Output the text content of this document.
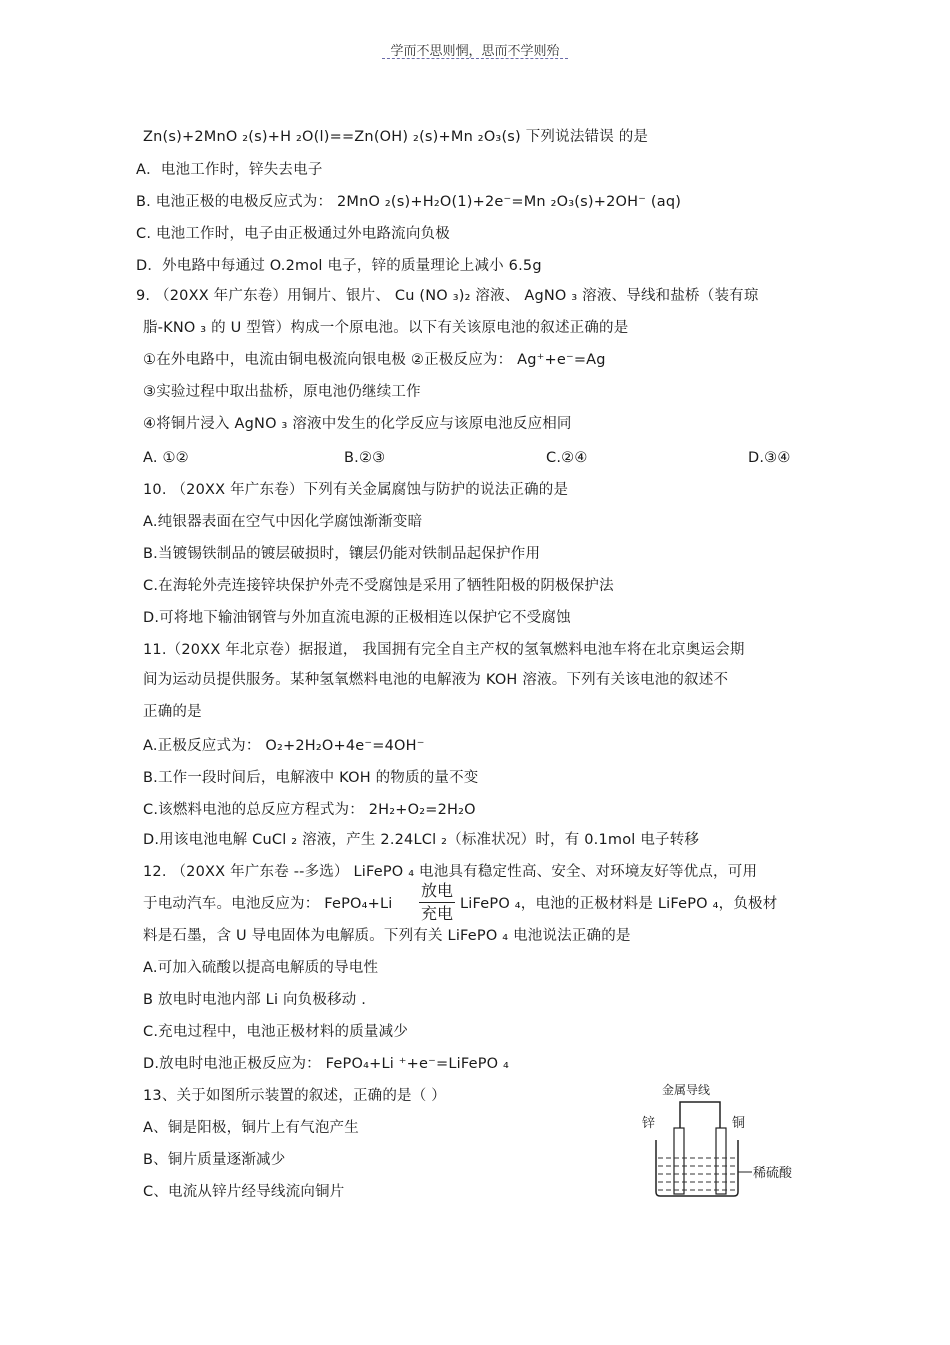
学而不思则惘，思而不学则殆
Zn(s)+2MnO ₂(s)+H ₂O(l)==Zn(OH) ₂(s)+Mn ₂O₃(s) 下列说法错误 的是
A．电池工作时，锌失去电子
B. 电池正极的电极反应式为： 2MnO ₂(s)+H₂O(1)+2e⁻=Mn ₂O₃(s)+2OH⁻ (aq)
C. 电池工作时，电子由正极通过外电路流向负极
D．外电路中每通过 O.2mol 电子，锌的质量理论上减小 6.5g
9. （20XX 年广东卷）用铜片、银片、 Cu (NO ₃)₂ 溶液、 AgNO ₃ 溶液、导线和盐桥（装有琼
脂-KNO ₃ 的 U 型管）构成一个原电池。以下有关该原电池的叙述正确的是
①在外电路中，电流由铜电极流向银电极 ②正极反应为： Ag⁺+e⁻=Ag
③实验过程中取出盐桥，原电池仍继续工作
④将铜片浸入 AgNO ₃ 溶液中发生的化学反应与该原电池反应相同
A. ①②	B.②③	C.②④	D.③④
10. （20XX 年广东卷）下列有关金属腐蚀与防护的说法正确的是
A.纯银器表面在空气中因化学腐蚀渐渐变暗
B.当镀锡铁制品的镀层破损时，镶层仍能对铁制品起保护作用
C.在海轮外壳连接锌块保护外壳不受腐蚀是采用了牺牲阳极的阴极保护法
D.可将地下输油钢管与外加直流电源的正极相连以保护它不受腐蚀
11.（20XX 年北京卷）据报道， 我国拥有完全自主产权的氢氧燃料电池车将在北京奥运会期
间为运动员提供服务。某种氢氧燃料电池的电解液为 KOH 溶液。下列有关该电池的叙述不
正确的是
A.正极反应式为： O₂+2H₂O+4e⁻=4OH⁻
B.工作一段时间后，电解液中 KOH 的物质的量不变
C.该燃料电池的总反应方程式为： 2H₂+O₂=2H₂O
D.用该电池电解 CuCl ₂ 溶液，产生 2.24LCl ₂（标准状况）时，有 0.1mol 电子转移
12. （20XX 年广东卷 --多选） LiFePO ₄ 电池具有稳定性高、安全、对环境友好等优点，可用
于电动汽车。电池反应为： FePO₄+Li
放电
充电 LiFePO ₄，电池的正极材料是 LiFePO ₄，负极材
料是石墨，含 U 导电固体为电解质。下列有关 LiFePO ₄ 电池说法正确的是
A.可加入硫酸以提高电解质的导电性
B 放电时电池内部 Li 向负极移动 .
C.充电过程中，电池正极材料的质量减少
D.放电时电池正极反应为： FePO₄+Li ⁺+e⁻=LiFePO ₄
13、关于如图所示装置的叙述，正确的是（ ）
A、铜是阳极，铜片上有气泡产生
B、铜片质量逐渐减少
C、电流从锌片经导线流向铜片
金属导线
锌	铜
稀硫酸
